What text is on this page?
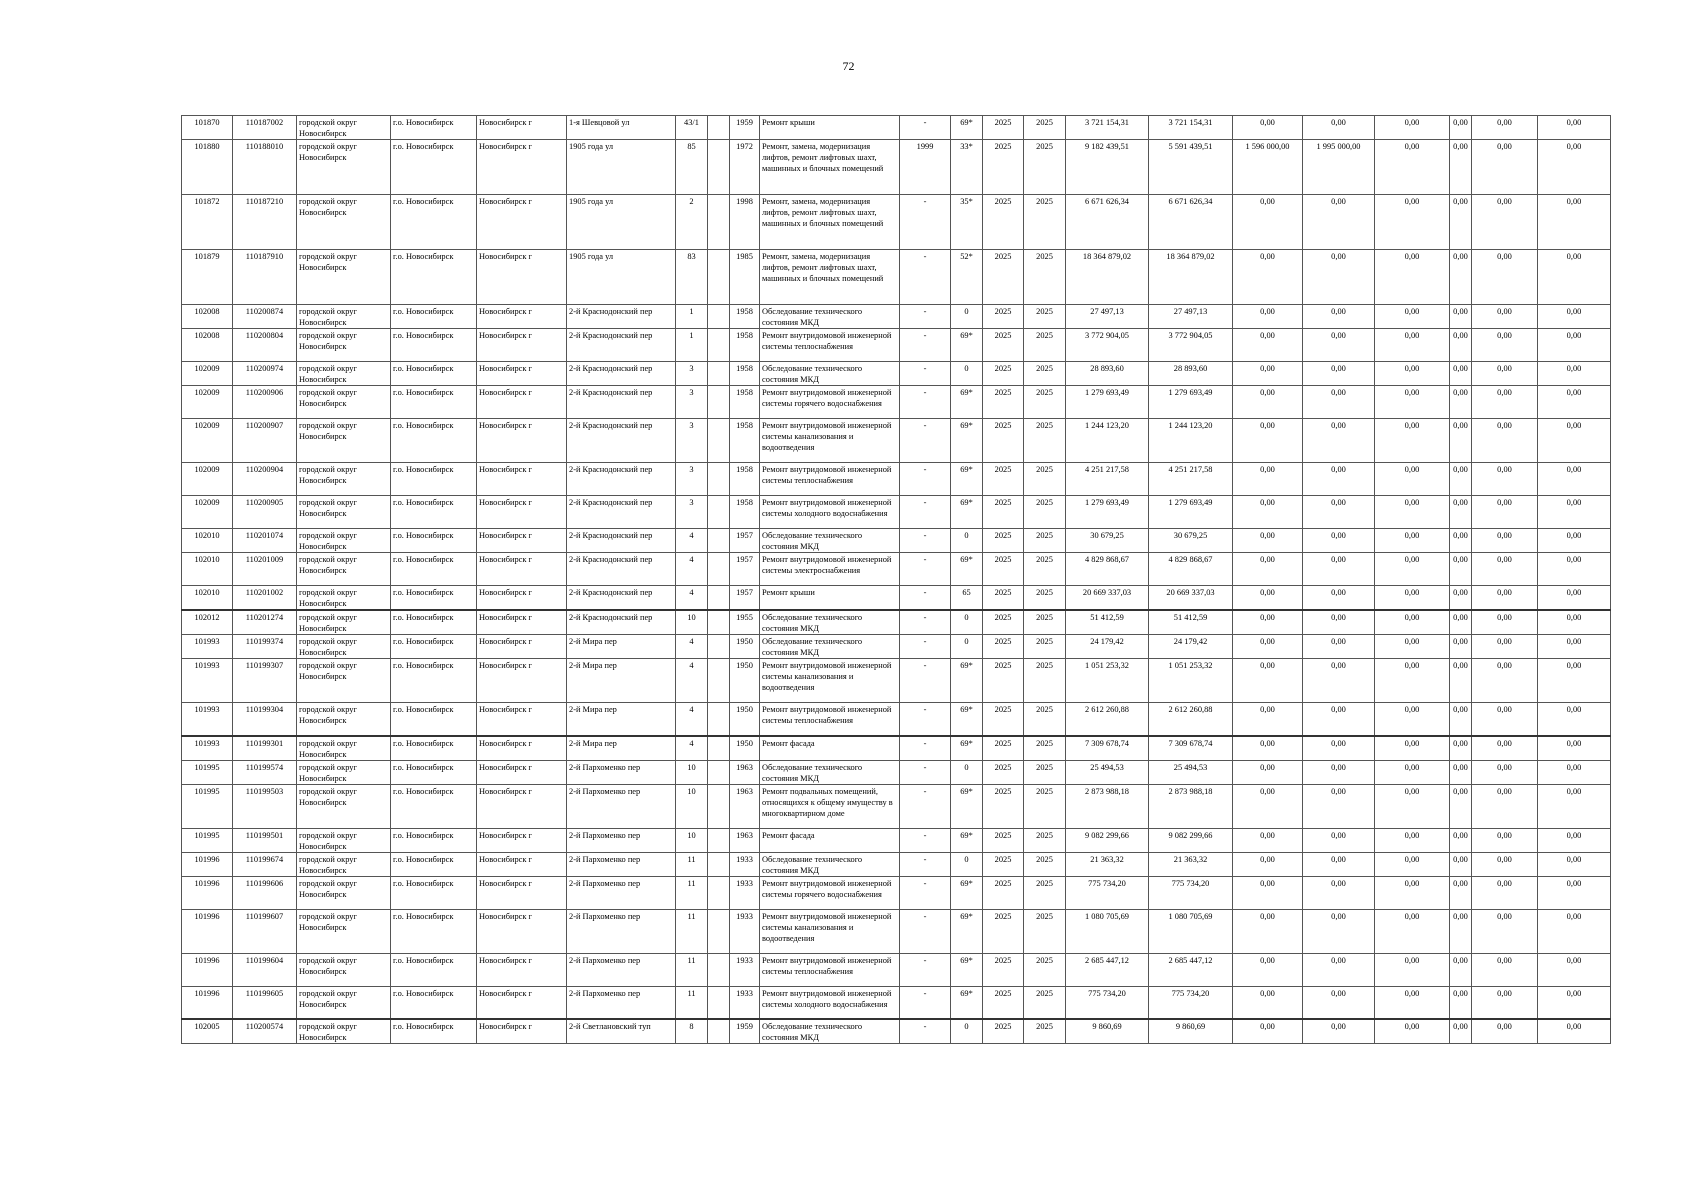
72
101870	110187002	городской округ Новосибирск	г.о. Новосибирск	Новосибирск г	1-я Шевцовой ул	43/1		1959	Ремонт крыши	-	69*	2025	2025	3 721 154,31	3 721 154,31	0,00	0,00	0,00	0,00	0,00	0,00
101880	110188010	городской округ Новосибирск	г.о. Новосибирск	Новосибирск г	1905 года ул	85		1972	Ремонт, замена, модернизация лифтов, ремонт лифтовых шахт, машинных и блочных помещений	1999	33*	2025	2025	9 182 439,51	5 591 439,51	1 596 000,00	1 995 000,00	0,00	0,00	0,00	0,00
101872	110187210	городской округ Новосибирск	г.о. Новосибирск	Новосибирск г	1905 года ул	2		1998	Ремонт, замена, модернизация лифтов, ремонт лифтовых шахт, машинных и блочных помещений	-	35*	2025	2025	6 671 626,34	6 671 626,34	0,00	0,00	0,00	0,00	0,00	0,00
101879	110187910	городской округ Новосибирск	г.о. Новосибирск	Новосибирск г	1905 года ул	83		1985	Ремонт, замена, модернизация лифтов, ремонт лифтовых шахт, машинных и блочных помещений	-	52*	2025	2025	18 364 879,02	18 364 879,02	0,00	0,00	0,00	0,00	0,00	0,00
102008	110200874	городской округ Новосибирск	г.о. Новосибирск	Новосибирск г	2-й Краснодонский пер	1		1958	Обследование технического состояния МКД	-	0	2025	2025	27 497,13	27 497,13	0,00	0,00	0,00	0,00	0,00	0,00
102008	110200804	городской округ Новосибирск	г.о. Новосибирск	Новосибирск г	2-й Краснодонский пер	1		1958	Ремонт внутридомовой инженерной системы теплоснабжения	-	69*	2025	2025	3 772 904,05	3 772 904,05	0,00	0,00	0,00	0,00	0,00	0,00
102009	110200974	городской округ Новосибирск	г.о. Новосибирск	Новосибирск г	2-й Краснодонский пер	3		1958	Обследование технического состояния МКД	-	0	2025	2025	28 893,60	28 893,60	0,00	0,00	0,00	0,00	0,00	0,00
102009	110200906	городской округ Новосибирск	г.о. Новосибирск	Новосибирск г	2-й Краснодонский пер	3		1958	Ремонт внутридомовой инженерной системы горячего водоснабжения	-	69*	2025	2025	1 279 693,49	1 279 693,49	0,00	0,00	0,00	0,00	0,00	0,00
102009	110200907	городской округ Новосибирск	г.о. Новосибирск	Новосибирск г	2-й Краснодонский пер	3		1958	Ремонт внутридомовой инженерной системы канализования и водоотведения	-	69*	2025	2025	1 244 123,20	1 244 123,20	0,00	0,00	0,00	0,00	0,00	0,00
102009	110200904	городской округ Новосибирск	г.о. Новосибирск	Новосибирск г	2-й Краснодонский пер	3		1958	Ремонт внутридомовой инженерной системы теплоснабжения	-	69*	2025	2025	4 251 217,58	4 251 217,58	0,00	0,00	0,00	0,00	0,00	0,00
102009	110200905	городской округ Новосибирск	г.о. Новосибирск	Новосибирск г	2-й Краснодонский пер	3		1958	Ремонт внутридомовой инженерной системы холодного водоснабжения	-	69*	2025	2025	1 279 693,49	1 279 693,49	0,00	0,00	0,00	0,00	0,00	0,00
102010	110201074	городской округ Новосибирск	г.о. Новосибирск	Новосибирск г	2-й Краснодонский пер	4		1957	Обследование технического состояния МКД	-	0	2025	2025	30 679,25	30 679,25	0,00	0,00	0,00	0,00	0,00	0,00
102010	110201009	городской округ Новосибирск	г.о. Новосибирск	Новосибирск г	2-й Краснодонский пер	4		1957	Ремонт внутридомовой инженерной системы электроснабжения	-	69*	2025	2025	4 829 868,67	4 829 868,67	0,00	0,00	0,00	0,00	0,00	0,00
102010	110201002	городской округ Новосибирск	г.о. Новосибирск	Новосибирск г	2-й Краснодонский пер	4		1957	Ремонт крыши	-	65	2025	2025	20 669 337,03	20 669 337,03	0,00	0,00	0,00	0,00	0,00	0,00
102012	110201274	городской округ Новосибирск	г.о. Новосибирск	Новосибирск г	2-й Краснодонский пер	10		1955	Обследование технического состояния МКД	-	0	2025	2025	51 412,59	51 412,59	0,00	0,00	0,00	0,00	0,00	0,00
101993	110199374	городской округ Новосибирск	г.о. Новосибирск	Новосибирск г	2-й Мира пер	4		1950	Обследование технического состояния МКД	-	0	2025	2025	24 179,42	24 179,42	0,00	0,00	0,00	0,00	0,00	0,00
101993	110199307	городской округ Новосибирск	г.о. Новосибирск	Новосибирск г	2-й Мира пер	4		1950	Ремонт внутридомовой инженерной системы канализования и водоотведения	-	69*	2025	2025	1 051 253,32	1 051 253,32	0,00	0,00	0,00	0,00	0,00	0,00
101993	110199304	городской округ Новосибирск	г.о. Новосибирск	Новосибирск г	2-й Мира пер	4		1950	Ремонт внутридомовой инженерной системы теплоснабжения	-	69*	2025	2025	2 612 260,88	2 612 260,88	0,00	0,00	0,00	0,00	0,00	0,00
101993	110199301	городской округ Новосибирск	г.о. Новосибирск	Новосибирск г	2-й Мира пер	4		1950	Ремонт фасада	-	69*	2025	2025	7 309 678,74	7 309 678,74	0,00	0,00	0,00	0,00	0,00	0,00
101995	110199574	городской округ Новосибирск	г.о. Новосибирск	Новосибирск г	2-й Пархоменко пер	10		1963	Обследование технического состояния МКД	-	0	2025	2025	25 494,53	25 494,53	0,00	0,00	0,00	0,00	0,00	0,00
101995	110199503	городской округ Новосибирск	г.о. Новосибирск	Новосибирск г	2-й Пархоменко пер	10		1963	Ремонт подвальных помещений, относящихся к общему имуществу в многоквартирном доме	-	69*	2025	2025	2 873 988,18	2 873 988,18	0,00	0,00	0,00	0,00	0,00	0,00
101995	110199501	городской округ Новосибирск	г.о. Новосибирск	Новосибирск г	2-й Пархоменко пер	10		1963	Ремонт фасада	-	69*	2025	2025	9 082 299,66	9 082 299,66	0,00	0,00	0,00	0,00	0,00	0,00
101996	110199674	городской округ Новосибирск	г.о. Новосибирск	Новосибирск г	2-й Пархоменко пер	11		1933	Обследование технического состояния МКД	-	0	2025	2025	21 363,32	21 363,32	0,00	0,00	0,00	0,00	0,00	0,00
101996	110199606	городской округ Новосибирск	г.о. Новосибирск	Новосибирск г	2-й Пархоменко пер	11		1933	Ремонт внутридомовой инженерной системы горячего водоснабжения	-	69*	2025	2025	775 734,20	775 734,20	0,00	0,00	0,00	0,00	0,00	0,00
101996	110199607	городской округ Новосибирск	г.о. Новосибирск	Новосибирск г	2-й Пархоменко пер	11		1933	Ремонт внутридомовой инженерной системы канализования и водоотведения	-	69*	2025	2025	1 080 705,69	1 080 705,69	0,00	0,00	0,00	0,00	0,00	0,00
101996	110199604	городской округ Новосибирск	г.о. Новосибирск	Новосибирск г	2-й Пархоменко пер	11		1933	Ремонт внутридомовой инженерной системы теплоснабжения	-	69*	2025	2025	2 685 447,12	2 685 447,12	0,00	0,00	0,00	0,00	0,00	0,00
101996	110199605	городской округ Новосибирск	г.о. Новосибирск	Новосибирск г	2-й Пархоменко пер	11		1933	Ремонт внутридомовой инженерной системы холодного водоснабжения	-	69*	2025	2025	775 734,20	775 734,20	0,00	0,00	0,00	0,00	0,00	0,00
102005	110200574	городской округ Новосибирск	г.о. Новосибирск	Новосибирск г	2-й Светлановский туп	8		1959	Обследование технического состояния МКД	-	0	2025	2025	9 860,69	9 860,69	0,00	0,00	0,00	0,00	0,00	0,00
